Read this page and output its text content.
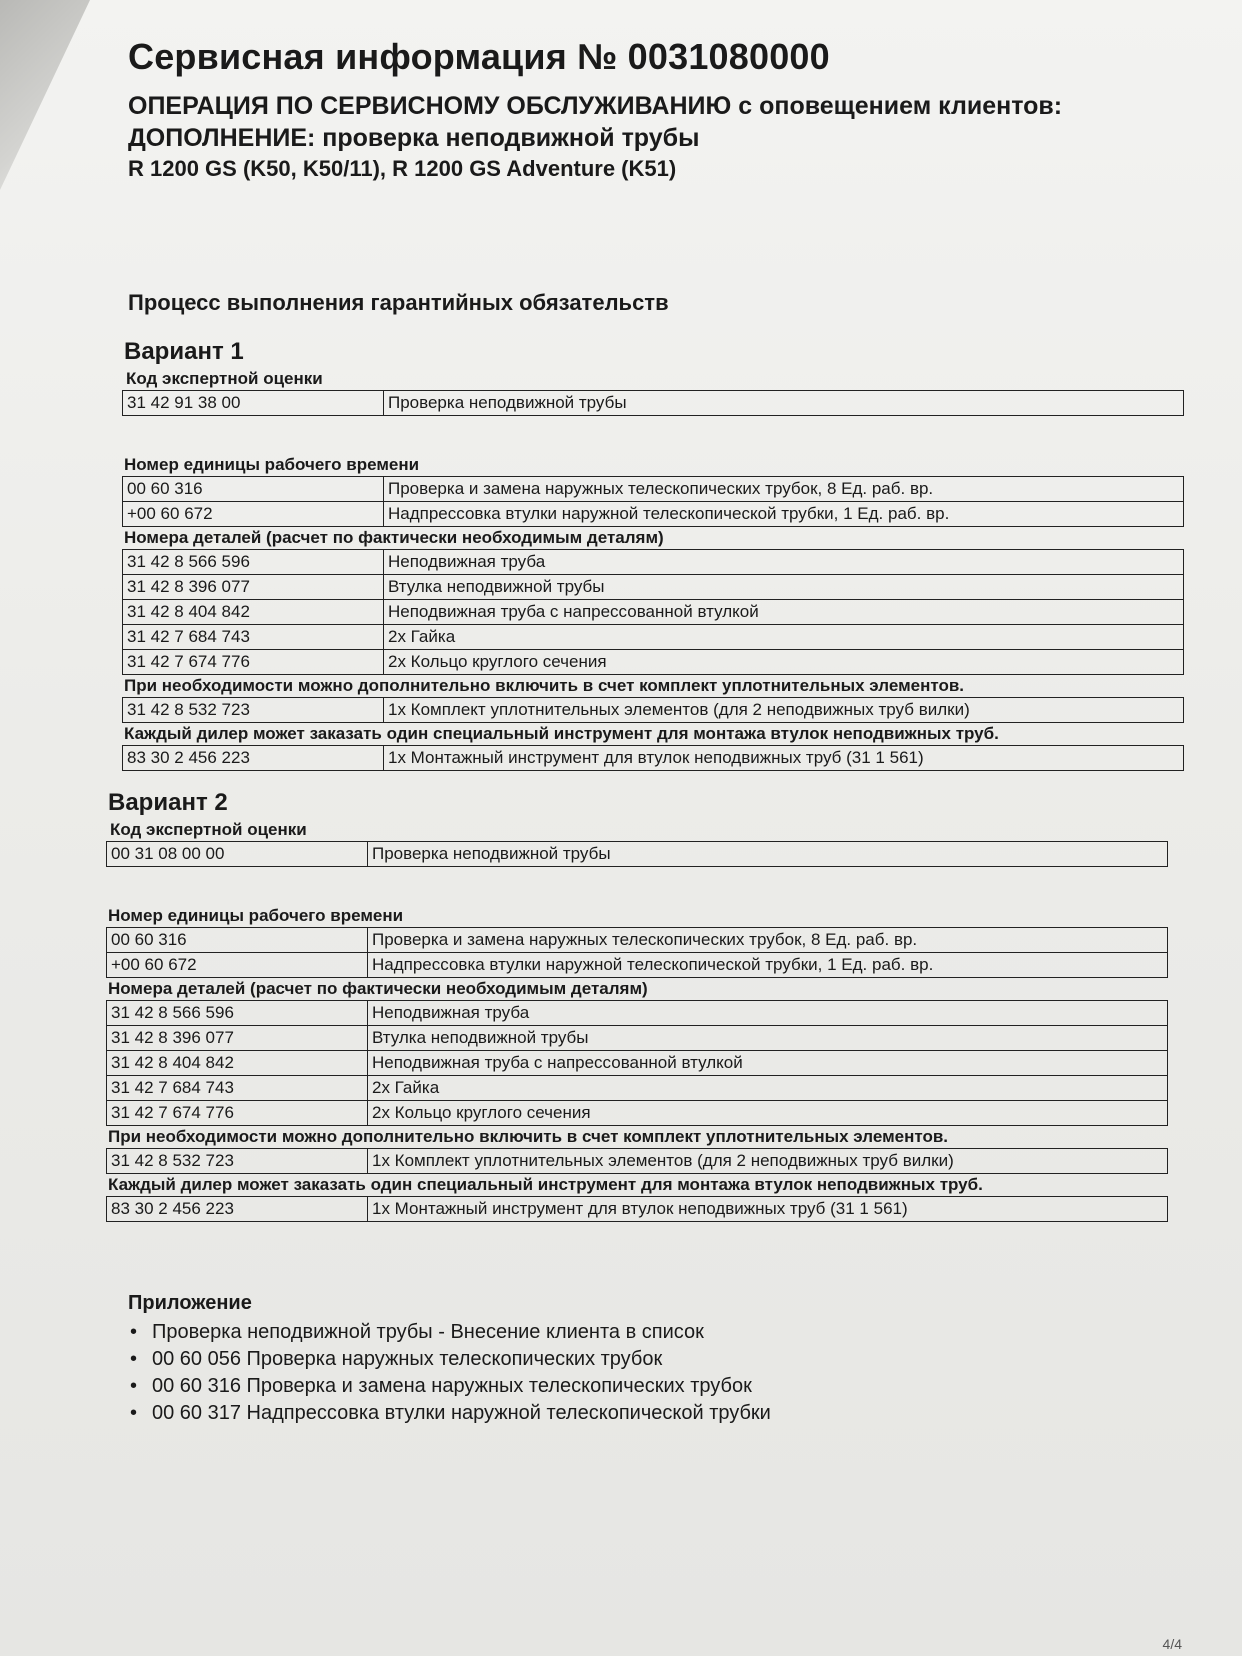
Сервисная информация № 0031080000
ОПЕРАЦИЯ ПО СЕРВИСНОМУ ОБСЛУЖИВАНИЮ с оповещением клиентов: ДОПОЛНЕНИЕ: проверка неподвижной трубы
R 1200 GS (K50, K50/11), R 1200 GS Adventure (K51)
Процесс выполнения гарантийных обязательств
Вариант 1
Код экспертной оценки
31 42 91 38 00	Проверка неподвижной трубы
Номер единицы рабочего времени
00 60 316	Проверка и замена наружных телескопических трубок, 8 Ед. раб. вр.
+00 60 672	Надпрессовка втулки наружной телескопической трубки, 1 Ед. раб. вр.
Номера деталей (расчет по фактически необходимым деталям)
31 42 8 566 596	Неподвижная труба
31 42 8 396 077	Втулка неподвижной трубы
31 42 8 404 842	Неподвижная труба с напрессованной втулкой
31 42 7 684 743	2x Гайка
31 42 7 674 776	2x Кольцо круглого сечения
При необходимости можно дополнительно включить в счет комплект уплотнительных элементов.
31 42 8 532 723	1x Комплект уплотнительных элементов (для 2 неподвижных труб вилки)
Каждый дилер может заказать один специальный инструмент для монтажа втулок неподвижных труб.
83 30 2 456 223	1x Монтажный инструмент для втулок неподвижных труб (31 1 561)
Вариант 2
Код экспертной оценки
00 31 08 00 00	Проверка неподвижной трубы
Номер единицы рабочего времени
00 60 316	Проверка и замена наружных телескопических трубок, 8 Ед. раб. вр.
+00 60 672	Надпрессовка втулки наружной телескопической трубки, 1 Ед. раб. вр.
Номера деталей (расчет по фактически необходимым деталям)
31 42 8 566 596	Неподвижная труба
31 42 8 396 077	Втулка неподвижной трубы
31 42 8 404 842	Неподвижная труба с напрессованной втулкой
31 42 7 684 743	2x Гайка
31 42 7 674 776	2x Кольцо круглого сечения
При необходимости можно дополнительно включить в счет комплект уплотнительных элементов.
31 42 8 532 723	1x Комплект уплотнительных элементов (для 2 неподвижных труб вилки)
Каждый дилер может заказать один специальный инструмент для монтажа втулок неподвижных труб.
83 30 2 456 223	1x Монтажный инструмент для втулок неподвижных труб (31 1 561)
Приложение
• Проверка неподвижной трубы - Внесение клиента в список
• 00 60 056 Проверка наружных телескопических трубок
• 00 60 316 Проверка и замена наружных телескопических трубок
• 00 60 317 Надпрессовка втулки наружной телескопической трубки
4/4
